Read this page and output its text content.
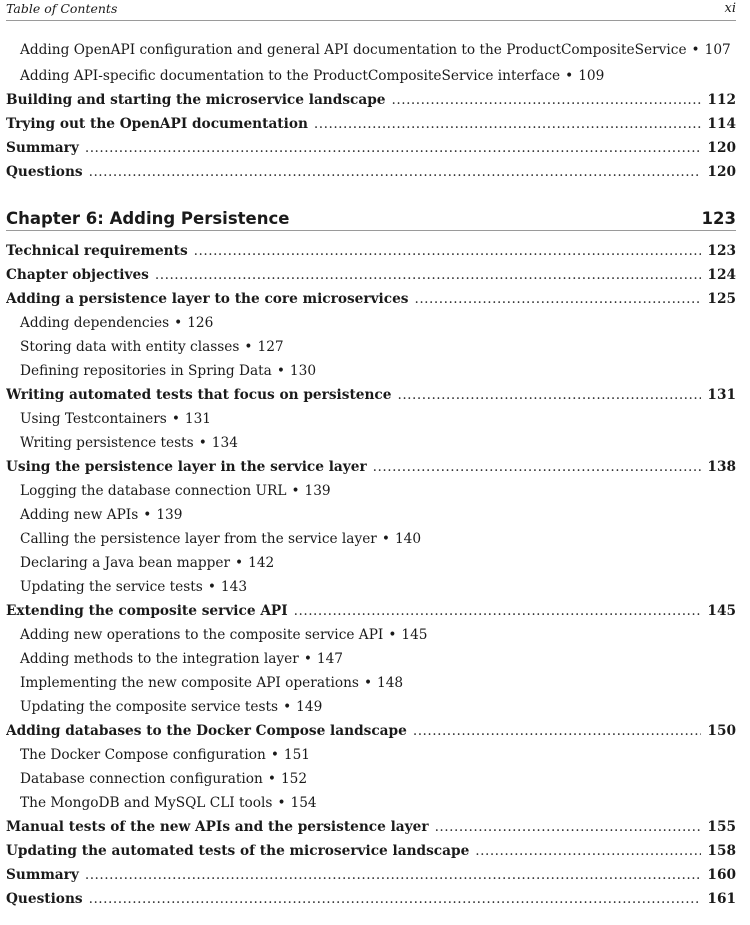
Table of Contents	xi
Adding OpenAPI configuration and general API documentation to the ProductCompositeService • 107
Adding API-specific documentation to the ProductCompositeService interface • 109
Building and starting the microservice landscape .....	112
Trying out the OpenAPI documentation .....	114
Summary .....	120
Questions .....	120
Chapter 6: Adding Persistence	123
Technical requirements .....	123
Chapter objectives .....	124
Adding a persistence layer to the core microservices .....	125
Adding dependencies • 126
Storing data with entity classes • 127
Defining repositories in Spring Data • 130
Writing automated tests that focus on persistence .....	131
Using Testcontainers • 131
Writing persistence tests • 134
Using the persistence layer in the service layer .....	138
Logging the database connection URL • 139
Adding new APIs • 139
Calling the persistence layer from the service layer • 140
Declaring a Java bean mapper • 142
Updating the service tests • 143
Extending the composite service API .....	145
Adding new operations to the composite service API • 145
Adding methods to the integration layer • 147
Implementing the new composite API operations • 148
Updating the composite service tests • 149
Adding databases to the Docker Compose landscape .....	150
The Docker Compose configuration • 151
Database connection configuration • 152
The MongoDB and MySQL CLI tools • 154
Manual tests of the new APIs and the persistence layer .....	155
Updating the automated tests of the microservice landscape .....	158
Summary .....	160
Questions .....	161
